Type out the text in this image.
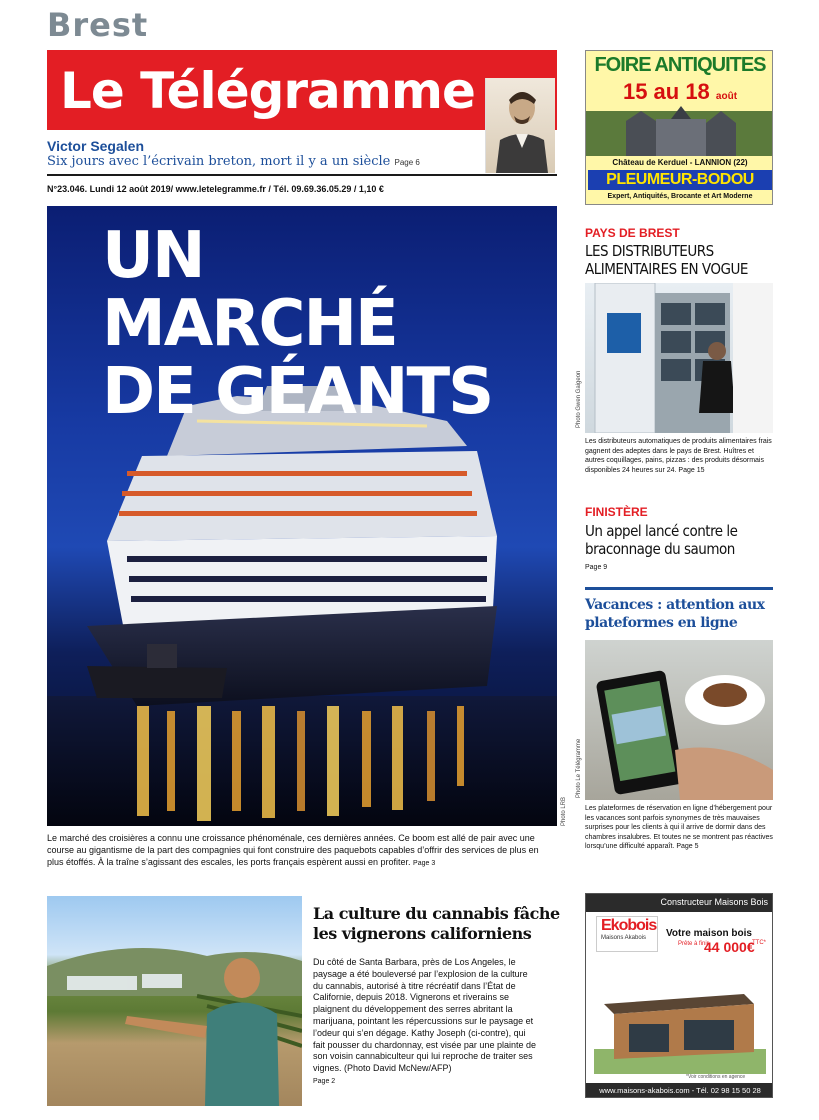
Brest
Le Télégramme
Victor Segalen
Six jours avec l’écrivain breton, mort il y a un siècle Page 6
N°23.046. Lundi 12 août 2019/ www.letelegramme.fr / Tél. 09.69.36.05.29 / 1,10 €
UN MARCHÉ
DE GÉANTS
Photo LRB
Le marché des croisières a connu une croissance phénoménale, ces dernières années. Ce boom est allé de pair avec une course au gigantisme de la part des compagnies qui font construire des paquebots capables d’offrir des services de plus en plus étoffés. À la traîne s’agissant des escales, les ports français espèrent aussi en profiter. Page 3
FOIRE ANTIQUITES
15 au 18 août
Château de Kerduel - LANNION (22)
PLEUMEUR-BODOU
Expert, Antiquités, Brocante et Art Moderne
PAYS DE BREST
LES DISTRIBUTEURS ALIMENTAIRES EN VOGUE
Photo Gwen Gaigeon
Les distributeurs automatiques de produits alimentaires frais gagnent des adeptes dans le pays de Brest. Huîtres et autres coquillages, pains, pizzas : des produits désormais disponibles 24 heures sur 24. Page 15
FINISTÈRE
Un appel lancé contre le braconnage du saumon
Page 9
Vacances : attention aux plateformes en ligne
Photo Le Télégramme
Les plateformes de réservation en ligne d’hébergement pour les vacances sont parfois synonymes de très mauvaises surprises pour les clients à qui il arrive de dormir dans des chambres insalubres. Et toutes ne se montrent pas réactives lorsqu’une difficulté apparaît. Page 5
La culture du cannabis fâche les vignerons californiens
Du côté de Santa Barbara, près de Los Angeles, le paysage a été bouleversé par l’explosion de la culture du cannabis, autorisé à titre récréatif dans l’État de Californie, depuis 2018. Vignerons et riverains se plaignent du développement des serres abritant la marijuana, pointant les répercussions sur le paysage et l’odeur qui s’en dégage. Kathy Joseph (ci-contre), qui fait pousser du chardonnay, est visée par une plainte de son voisin cannabiculteur qui lui reproche de traiter ses vignes. (Photo David McNew/AFP)
Page 2
Constructeur Maisons Bois
Ekobois
Maisons Akabois	Votre maison bois
Prête à finir
44 000€
TTC*
*Voir conditions en agence
www.maisons-akabois.com - Tél. 02 98 15 50 28
